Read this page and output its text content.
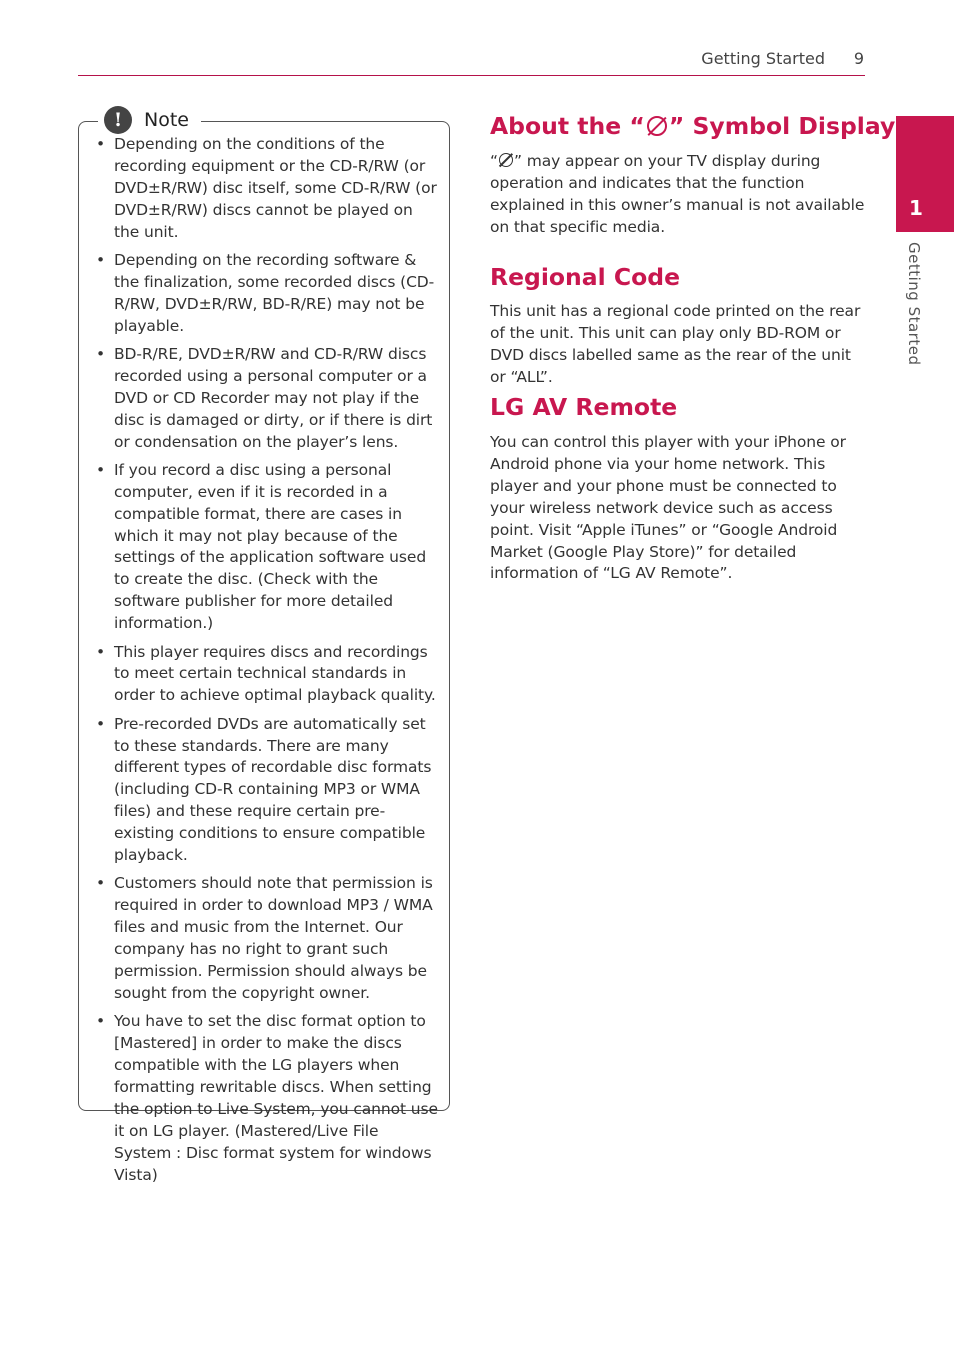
Getting Started	9
1
Getting Started
!	Note
• Depending on the conditions of the recording equipment or the CD-R/RW (or DVD±R/RW) disc itself, some CD-R/RW (or DVD±R/RW) discs cannot be played on the unit.
• Depending on the recording software & the finalization, some recorded discs (CD-R/RW, DVD±R/RW, BD-R/RE) may not be playable.
• BD-R/RE, DVD±R/RW and CD-R/RW discs recorded using a personal computer or a DVD or CD Recorder may not play if the disc is damaged or dirty, or if there is dirt or condensation on the player’s lens.
• If you record a disc using a personal computer, even if it is recorded in a compatible format, there are cases in which it may not play because of the settings of the application software used to create the disc. (Check with the software publisher for more detailed information.)
• This player requires discs and recordings to meet certain technical standards in order to achieve optimal playback quality.
• Pre-recorded DVDs are automatically set to these standards. There are many different types of recordable disc formats (including CD-R containing MP3 or WMA files) and these require certain pre-existing conditions to ensure compatible playback.
• Customers should note that permission is required in order to download MP3 / WMA files and music from the Internet. Our company has no right to grant such permission. Permission should always be sought from the copyright owner.
• You have to set the disc format option to [Mastered] in order to make the discs compatible with the LG players when formatting rewritable discs. When setting the option to Live System, you cannot use it on LG player. (Mastered/Live File System : Disc format system for windows Vista)
About the “ ” Symbol Display

“ ” may appear on your TV display during operation and indicates that the function explained in this owner’s manual is not available on that specific media.

Regional Code

This unit has a regional code printed on the rear of the unit. This unit can play only BD-ROM or DVD discs labelled same as the rear of the unit or “ALL”.

LG AV Remote

You can control this player with your iPhone or Android phone via your home network. This player and your phone must be connected to your wireless network device such as access point. Visit “Apple iTunes” or “Google Android Market (Google Play Store)” for detailed information of “LG AV Remote”.
